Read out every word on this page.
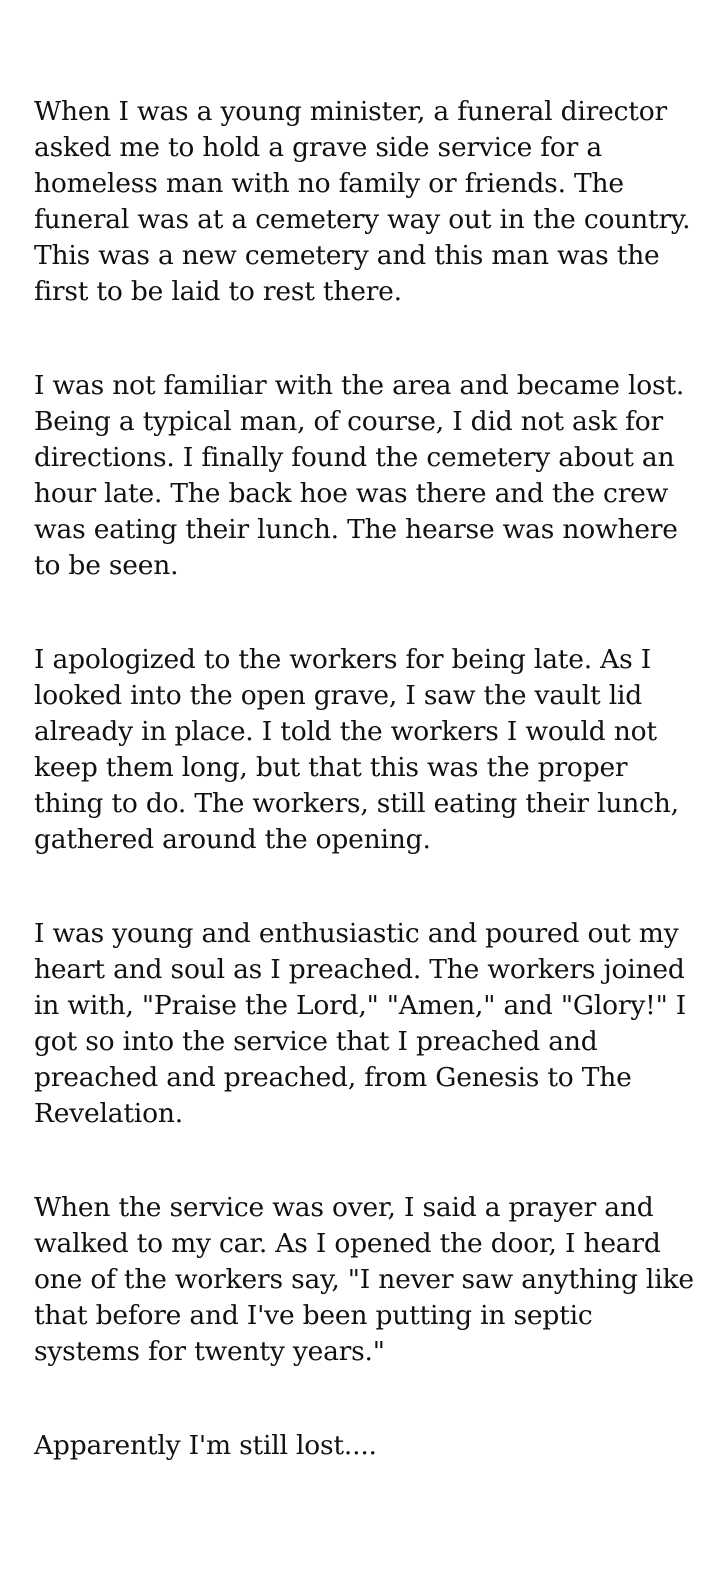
When I was a young minister, a funeral director asked me to hold a grave side service for a homeless man with no family or friends. The funeral was at a cemetery way out in the country. This was a new cemetery and this man was the first to be laid to rest there.

I was not familiar with the area and became lost. Being a typical man, of course, I did not ask for directions. I finally found the cemetery about an hour late. The back hoe was there and the crew was eating their lunch. The hearse was nowhere to be seen.

I apologized to the workers for being late. As I looked into the open grave, I saw the vault lid already in place. I told the workers I would not keep them long, but that this was the proper thing to do. The workers, still eating their lunch, gathered around the opening.

I was young and enthusiastic and poured out my heart and soul as I preached. The workers joined in with, "Praise the Lord," "Amen," and "Glory!" I got so into the service that I preached and preached and preached, from Genesis to The Revelation.

When the service was over, I said a prayer and walked to my car. As I opened the door, I heard one of the workers say, "I never saw anything like that before and I've been putting in septic systems for twenty years."

Apparently I'm still lost....
